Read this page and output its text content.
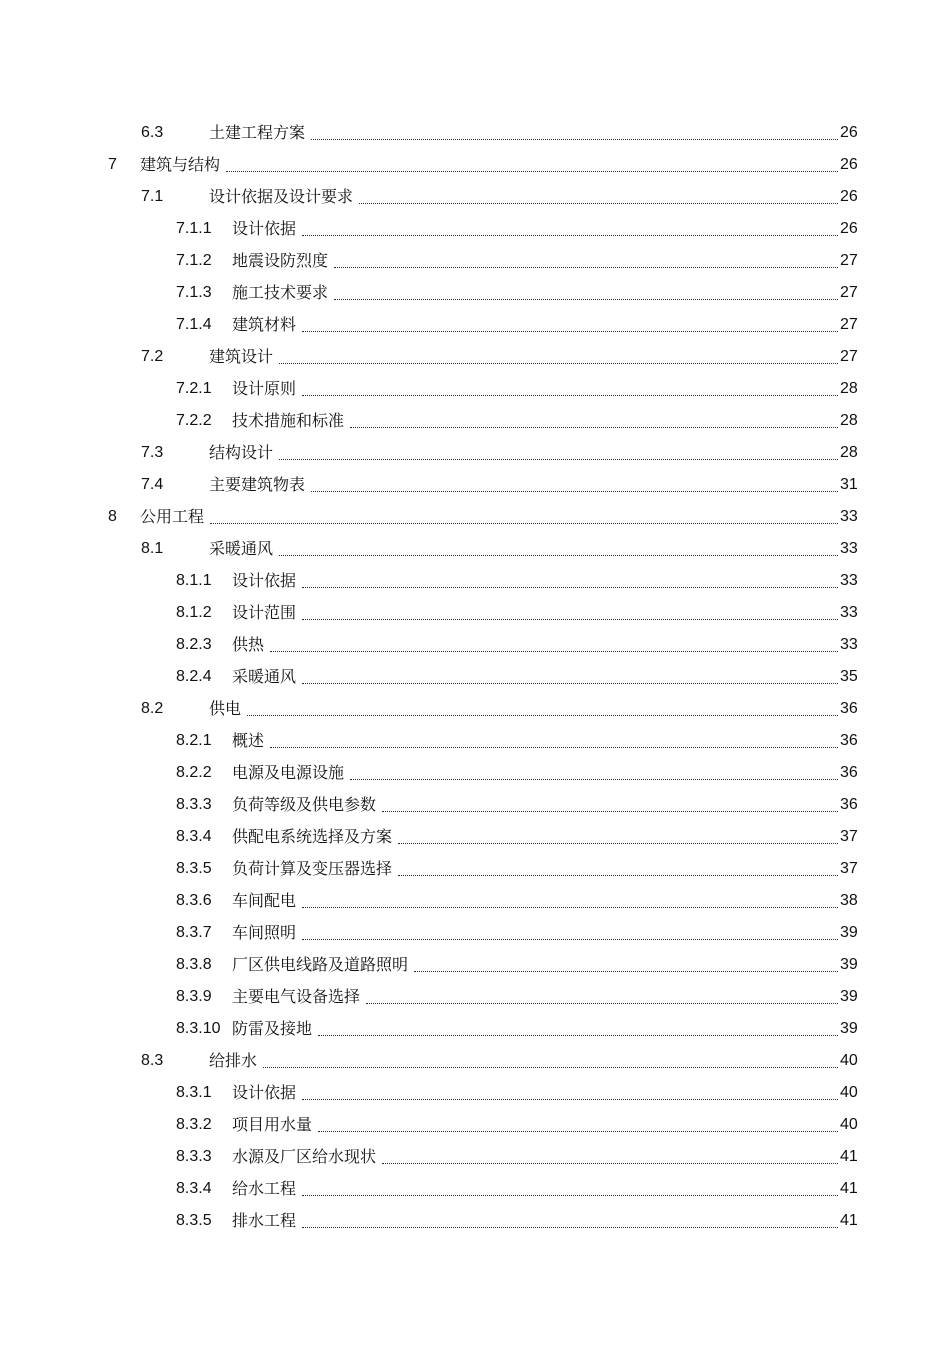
6.3	土建工程方案	26
7 建筑与结构	26
7.1	设计依据及设计要求	26
7.1.1 设计依据	26
7.1.2 地震设防烈度	27
7.1.3 施工技术要求	27
7.1.4 建筑材料	27
7.2	建筑设计	27
7.2.1 设计原则	28
7.2.2 技术措施和标准	28
7.3	结构设计	28
7.4	主要建筑物表	31
8 公用工程	33
8.1	采暖通风	33
8.1.1 设计依据	33
8.1.2 设计范围	33
8.2.3 供热	33
8.2.4 采暖通风	35
8.2	供电	36
8.2.1 概述	36
8.2.2 电源及电源设施	36
8.3.3 负荷等级及供电参数	36
8.3.4 供配电系统选择及方案	37
8.3.5 负荷计算及变压器选择	37
8.3.6 车间配电	38
8.3.7 车间照明	39
8.3.8 厂区供电线路及道路照明	39
8.3.9 主要电气设备选择	39
8.3.10 防雷及接地	39
8.3	给排水	40
8.3.1 设计依据	40
8.3.2 项目用水量	40
8.3.3 水源及厂区给水现状	41
8.3.4 给水工程	41
8.3.5 排水工程	41
